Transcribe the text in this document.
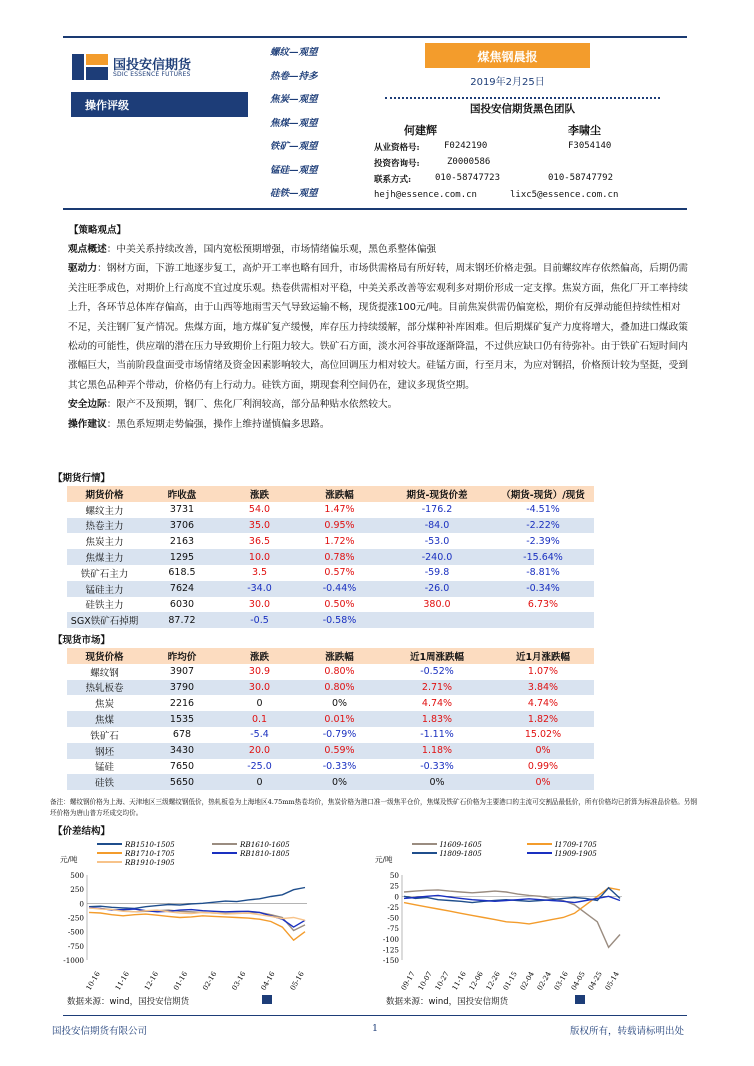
国投安信期货
SDIC ESSENCE FUTURES
操作评级
螺纹—观望
热卷—持多
焦炭—观望
焦煤—观望
铁矿—观望
锰硅—观望
硅铁—观望
煤焦钢晨报
2019年2月25日
国投安信期货黑色团队
何建辉	李啸尘
从业资格号:	F0242190	F3054140
投资咨询号:	Z0000586
联系方式:	010-58747723	010-58747792
hejh@essence.com.cn	lixc5@essence.com.cn
【策略观点】
观点概述：中美关系持续改善，国内宽松预期增强，市场情绪偏乐观，黑色系整体偏强
驱动力：钢材方面，下游工地逐步复工，高炉开工率也略有回升，市场供需格局有所好转，周末钢坯价格走强。目前螺纹库存依然偏高，后期仍需关注旺季成色，对期价上行高度不宜过度乐观。热卷供需相对平稳，中美关系改善等宏观利多对期价形成一定支撑。焦炭方面，焦化厂开工率持续上升，各环节总体库存偏高，由于山西等地雨雪天气导致运输不畅，现货提涨100元/吨。目前焦炭供需仍偏宽松，期价有反弹动能但持续性相对不足，关注钢厂复产情况。焦煤方面，地方煤矿复产缓慢，库存压力持续缓解，部分煤种补库困难。但后期煤矿复产力度将增大，叠加进口煤政策松动的可能性，供应端的潜在压力导致期价上行阻力较大。铁矿石方面，淡水河谷事故逐渐降温，不过供应缺口仍有待弥补。由于铁矿石短时间内涨幅巨大，当前阶段盘面受市场情绪及资金因素影响较大，高位回调压力相对较大。硅锰方面，行至月末，为应对钢招，价格预计较为坚挺，受到其它黑色品种弄个带动，价格仍有上行动力。硅铁方面，期现套利空间仍在，建议多现货空期。
安全边际：限产不及预期，钢厂、焦化厂利润较高，部分品种贴水依然较大。
操作建议：黑色系短期走势偏强，操作上维持谨慎偏多思路。
【期货行情】
期货价格	昨收盘	涨跌	涨跌幅	期货-现货价差	（期货-现货）/现货
螺纹主力	3731	54.0	1.47%	-176.2	-4.51%
热卷主力	3706	35.0	0.95%	-84.0	-2.22%
焦炭主力	2163	36.5	1.72%	-53.0	-2.39%
焦煤主力	1295	10.0	0.78%	-240.0	-15.64%
铁矿石主力	618.5	3.5	0.57%	-59.8	-8.81%
锰硅主力	7624	-34.0	-0.44%	-26.0	-0.34%
硅铁主力	6030	30.0	0.50%	380.0	6.73%
SGX铁矿石掉期	87.72	-0.5	-0.58%		
【现货市场】
现货价格	昨均价	涨跌	涨跌幅	近1周涨跌幅	近1月涨跌幅
螺纹钢	3907	30.9	0.80%	-0.52%	1.07%
热轧板卷	3790	30.0	0.80%	2.71%	3.84%
焦炭	2216	0	0%	4.74%	4.74%
焦煤	1535	0.1	0.01%	1.83%	1.82%
铁矿石	678	-5.4	-0.79%	-1.11%	15.02%
钢坯	3430	20.0	0.59%	1.18%	0%
锰硅	7650	-25.0	-0.33%	-0.33%	0.99%
硅铁	5650	0	0%	0%	0%
备注：螺纹钢价格为上海、天津地区三级螺纹钢低价，热轧板卷为上海地区4.75mm热卷均价，焦炭价格为港口准一级焦平仓价，焦煤及铁矿石价格为主要港口的主流可交割品最低价，所有价格均已折算为标准品价格。另钢坯价格为唐山普方坯成交均价。
【价差结构】
元/吨
RB1510-1505	RB1610-1605
RB1710-1705	RB1810-1805
RB1910-1905
500
250
0
-250
-500
-750
-1000
10-16 11-16 12-16 01-16 02-16 03-16 04-16 05-16
元/吨
I1609-1605	I1709-1705
I1809-1805	I1909-1905
50
25
0
-25
-50
-75
-100
-125
-150
09-17 10-07 10-27 11-16 12-06 12-26 01-15 02-04 02-24 03-16 04-05 04-25 05-14
数据来源：wind，国投安信期货	数据来源：wind，国投安信期货
国投安信期货有限公司	1	版权所有，转载请标明出处
